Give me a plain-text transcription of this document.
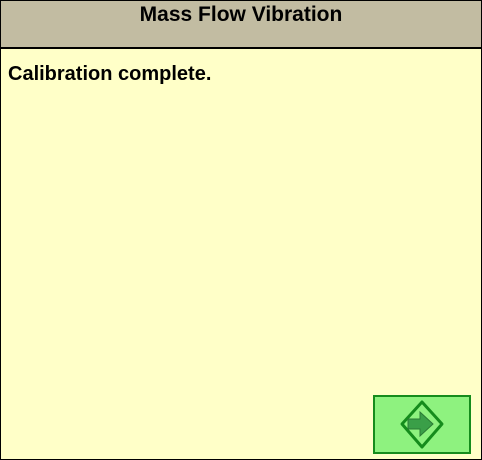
Mass Flow Vibration
Calibration complete.
